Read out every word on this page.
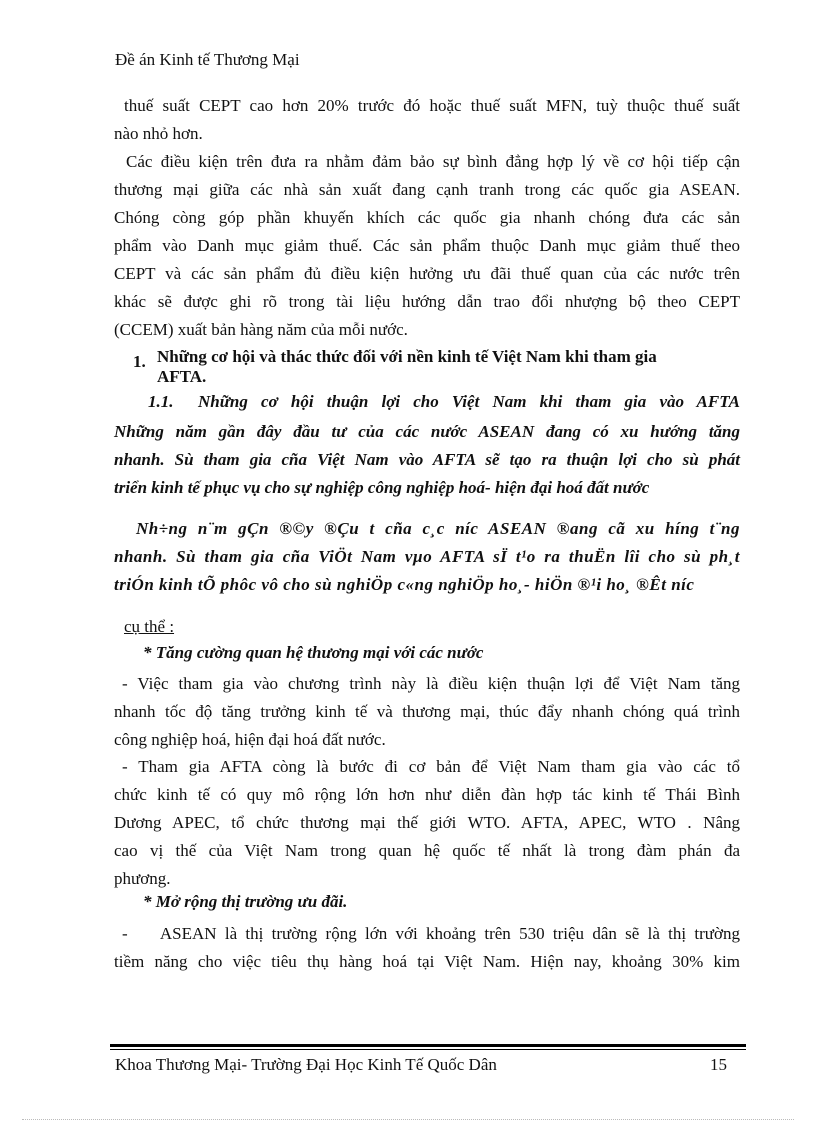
Đề án Kinh tế Thương Mại
thuế suất CEPT cao hơn 20% trước đó hoặc thuế suất MFN, tuỳ thuộc thuế suất
nào nhỏ hơn.
Các điều kiện trên đưa ra nhằm đảm bảo sự bình đẳng hợp lý về cơ hội tiếp cận
thương mại giữa các nhà sản xuất đang cạnh tranh trong các quốc gia ASEAN.
Chóng còng góp phần khuyến khích các quốc gia nhanh chóng đưa các sản
phẩm vào Danh mục giảm thuế. Các sản phẩm thuộc Danh mục giảm thuế theo
CEPT và các sản phẩm đủ điều kiện hưởng ưu đãi thuế quan của các nước trên
khác sẽ được ghi rõ trong tài liệu hướng dẫn trao đổi nhượng bộ theo CEPT
(CCEM) xuất bản hàng năm của mỗi nước.
1. Những cơ hội và thác thức đối với nền kinh tế Việt Nam khi tham gia
AFTA.
1.1. Những cơ hội thuận lợi cho Việt Nam khi tham gia vào AFTA
Những năm gần đây đầu tư của các nước ASEAN đang có xu hướng tăng
nhanh. Sù tham gia cña Việt Nam vào AFTA sẽ tạo ra thuận lợi cho sù phát
triển kinh tế phục vụ cho sự nghiệp công nghiệp hoá- hiện đại hoá đất nước
Nh÷ng n¨m gÇn ®©y ®Çu t cña c¸c níc ASEAN ®ang cã xu híng t¨ng
nhanh. Sù tham gia cña ViÖt Nam vµo AFTA sÏ t¹o ra thuËn lîi cho sù ph¸t
triÓn kinh tÕ phôc vô cho sù nghiÖp c«ng nghiÖp ho¸- hiÖn ®¹i ho¸ ®Êt níc
cụ thể :
* Tăng cường quan hệ thương mại với các nước
- Việc tham gia vào chương trình này là điều kiện thuận lợi để Việt Nam tăng
nhanh tốc độ tăng trưởng kinh tế và thương mại, thúc đẩy nhanh chóng quá trình
công nghiệp hoá, hiện đại hoá đất nước.
- Tham gia AFTA còng là bước đi cơ bản để Việt Nam tham gia vào các tổ
chức kinh tế có quy mô rộng lớn hơn như diễn đàn hợp tác kinh tế Thái Bình
Dương APEC, tổ chức thương mại thế giới WTO. AFTA, APEC, WTO . Nâng
cao vị thế của Việt Nam trong quan hệ quốc tế nhất là trong đàm phán đa
phương.
* Mở rộng thị trường ưu đãi.
-    ASEAN là thị trường rộng lớn với khoảng trên 530 triệu dân sẽ là thị trường
tiềm năng cho việc tiêu thụ hàng hoá tại Việt Nam. Hiện nay, khoảng 30% kim
Khoa Thương Mại- Trường Đại Học Kinh Tế Quốc Dân	15
